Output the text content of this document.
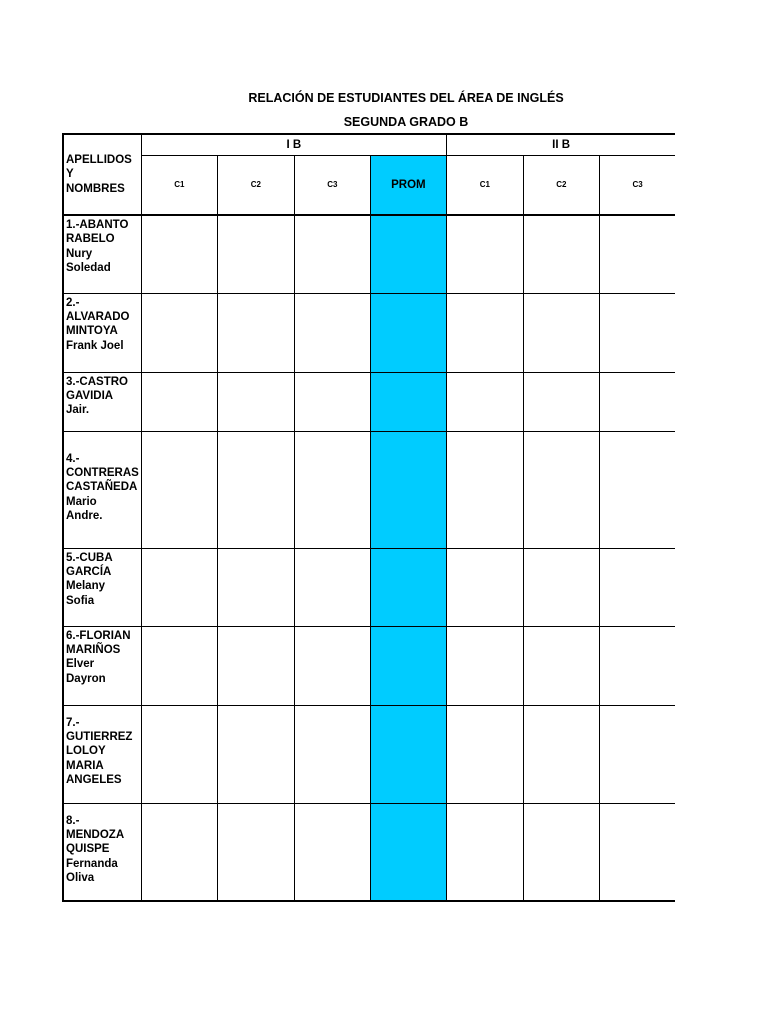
RELACIÓN DE ESTUDIANTES DEL ÁREA DE INGLÉS
SEGUNDA GRADO B
APELLIDOS Y
NOMBRES	I B				II B		
	C1	C2	C3	PROM	C1	C2	C3
1.-ABANTO
RABELO
Nury
Soledad							
2.-
ALVARADO
MINTOYA
Frank Joel							
3.-CASTRO
GAVIDIA
Jair.							
4.-
CONTRERAS
CASTAÑEDA
Mario
Andre.							
5.-CUBA
GARCÍA
Melany
Sofia							
6.-FLORIAN
MARIÑOS
Elver
Dayron							
7.-
GUTIERREZ
LOLOY
MARIA
ANGELES							
8.-
MENDOZA
QUISPE
Fernanda
Oliva							
